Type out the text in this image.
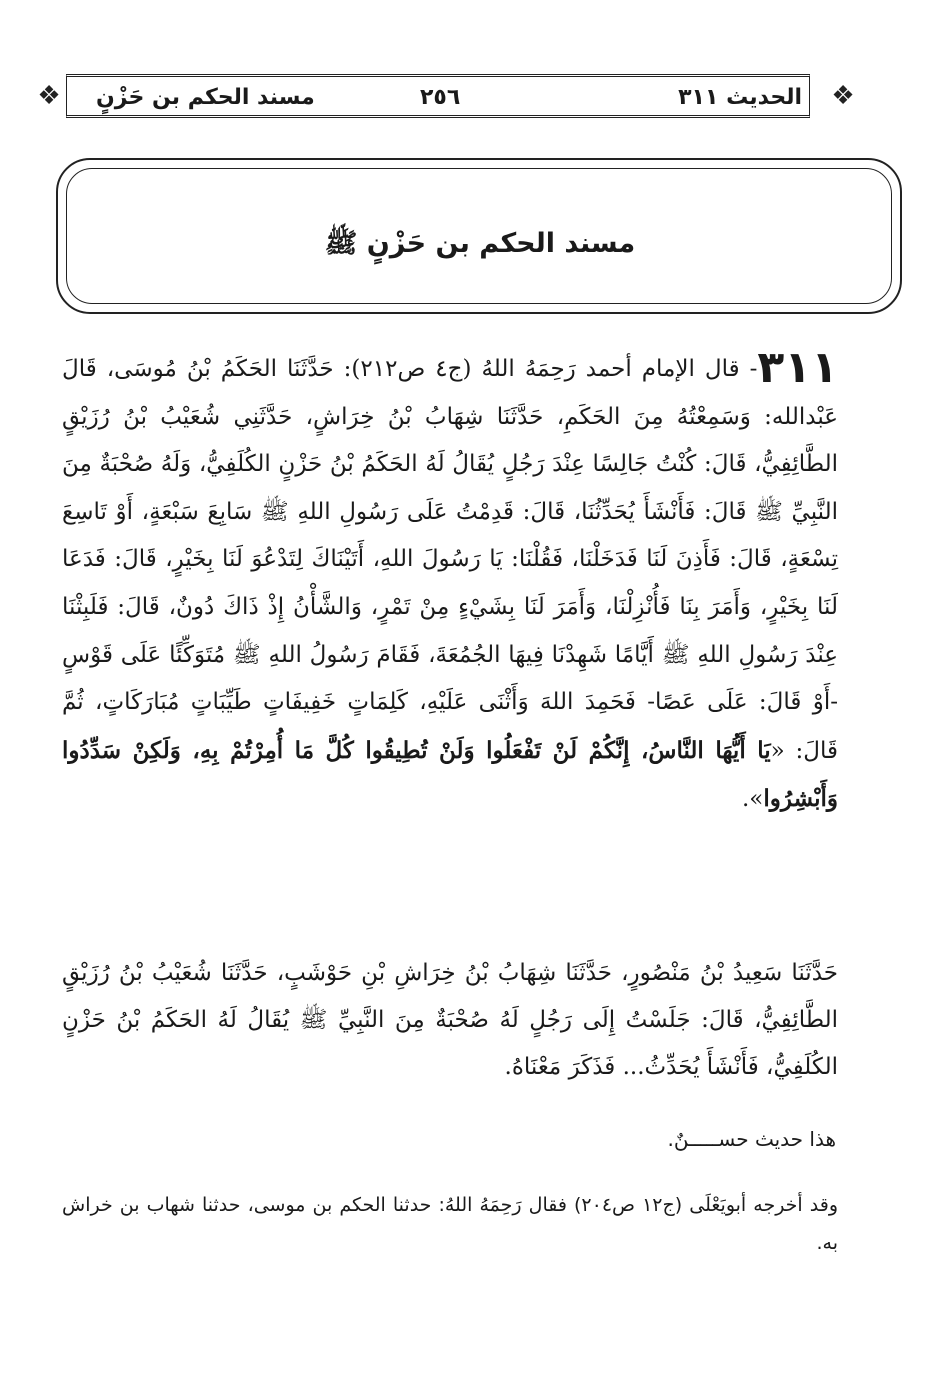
❖
❖	الحديث ٣١١
٢٥٦
مسند الحكم بن حَزْنٍ
مسند الحكم بن حَزْنٍ ﷺ
٣١١- قال الإمام أحمد رَحِمَهُ اللهُ (ج٤ ص٢١٢): حَدَّثَنَا الحَكَمُ بْنُ مُوسَى، قَالَ عَبْدالله: وَسَمِعْتُهُ مِنَ الحَكَمِ، حَدَّثَنَا شِهَابُ بْنُ خِرَاشٍ، حَدَّثَنِي شُعَيْبُ بْنُ رُزَيْقٍ الطَّائِفِيُّ، قَالَ: كُنْتُ جَالِسًا عِنْدَ رَجُلٍ يُقَالُ لَهُ الحَكَمُ بْنُ حَزْنٍ الكُلَفِيُّ، وَلَهُ صُحْبَةٌ مِنَ النَّبِيِّ ﷺ قَالَ: فَأَنْشَأَ يُحَدِّثُنَا، قَالَ: قَدِمْتُ عَلَى رَسُولِ اللهِ ﷺ سَابِعَ سَبْعَةٍ، أَوْ تَاسِعَ تِسْعَةٍ، قَالَ: فَأَذِنَ لَنَا فَدَخَلْنَا، فَقُلْنَا: يَا رَسُولَ اللهِ، أَتَيْنَاكَ لِتَدْعُوَ لَنَا بِخَيْرٍ، قَالَ: فَدَعَا لَنَا بِخَيْرٍ، وَأَمَرَ بِنَا فَأُنْزِلْنَا، وَأَمَرَ لَنَا بِشَيْءٍ مِنْ تَمْرٍ، وَالشَّأْنُ إِذْ ذَاكَ دُونٌ، قَالَ: فَلَبِثْنَا عِنْدَ رَسُولِ اللهِ ﷺ أَيَّامًا شَهِدْنَا فِيهَا الجُمُعَةَ، فَقَامَ رَسُولُ اللهِ ﷺ مُتَوَكِّئًا عَلَى قَوْسٍ -أَوْ قَالَ: عَلَى عَصًا- فَحَمِدَ اللهَ وَأَثْنَى عَلَيْهِ، كَلِمَاتٍ خَفِيفَاتٍ طَيِّبَاتٍ مُبَارَكَاتٍ، ثُمَّ قَالَ: «يَا أَيُّهَا النَّاسُ، إِنَّكُمْ لَنْ تَفْعَلُوا وَلَنْ تُطِيقُوا كُلَّ مَا أُمِرْتُمْ بِهِ، وَلَكِنْ سَدِّدُوا وَأَبْشِرُوا».
حَدَّثَنَا سَعِيدُ بْنُ مَنْصُورٍ، حَدَّثَنَا شِهَابُ بْنُ خِرَاشِ بْنِ حَوْشَبٍ، حَدَّثَنَا شُعَيْبُ بْنُ رُزَيْقٍ الطَّائِفِيُّ، قَالَ: جَلَسْتُ إِلَى رَجُلٍ لَهُ صُحْبَةٌ مِنَ النَّبِيِّ ﷺ يُقَالُ لَهُ الحَكَمُ بْنُ حَزْنٍ الكُلَفِيُّ، فَأَنْشَأَ يُحَدِّثُ... فَذَكَرَ مَعْنَاهُ.
هذا حديث حســـــنٌ.
وقد أخرجه أبويَعْلَى (ج١٢ ص٢٠٤) فقال رَحِمَهُ اللهُ: حدثنا الحكم بن موسى، حدثنا شهاب بن خراش به.
